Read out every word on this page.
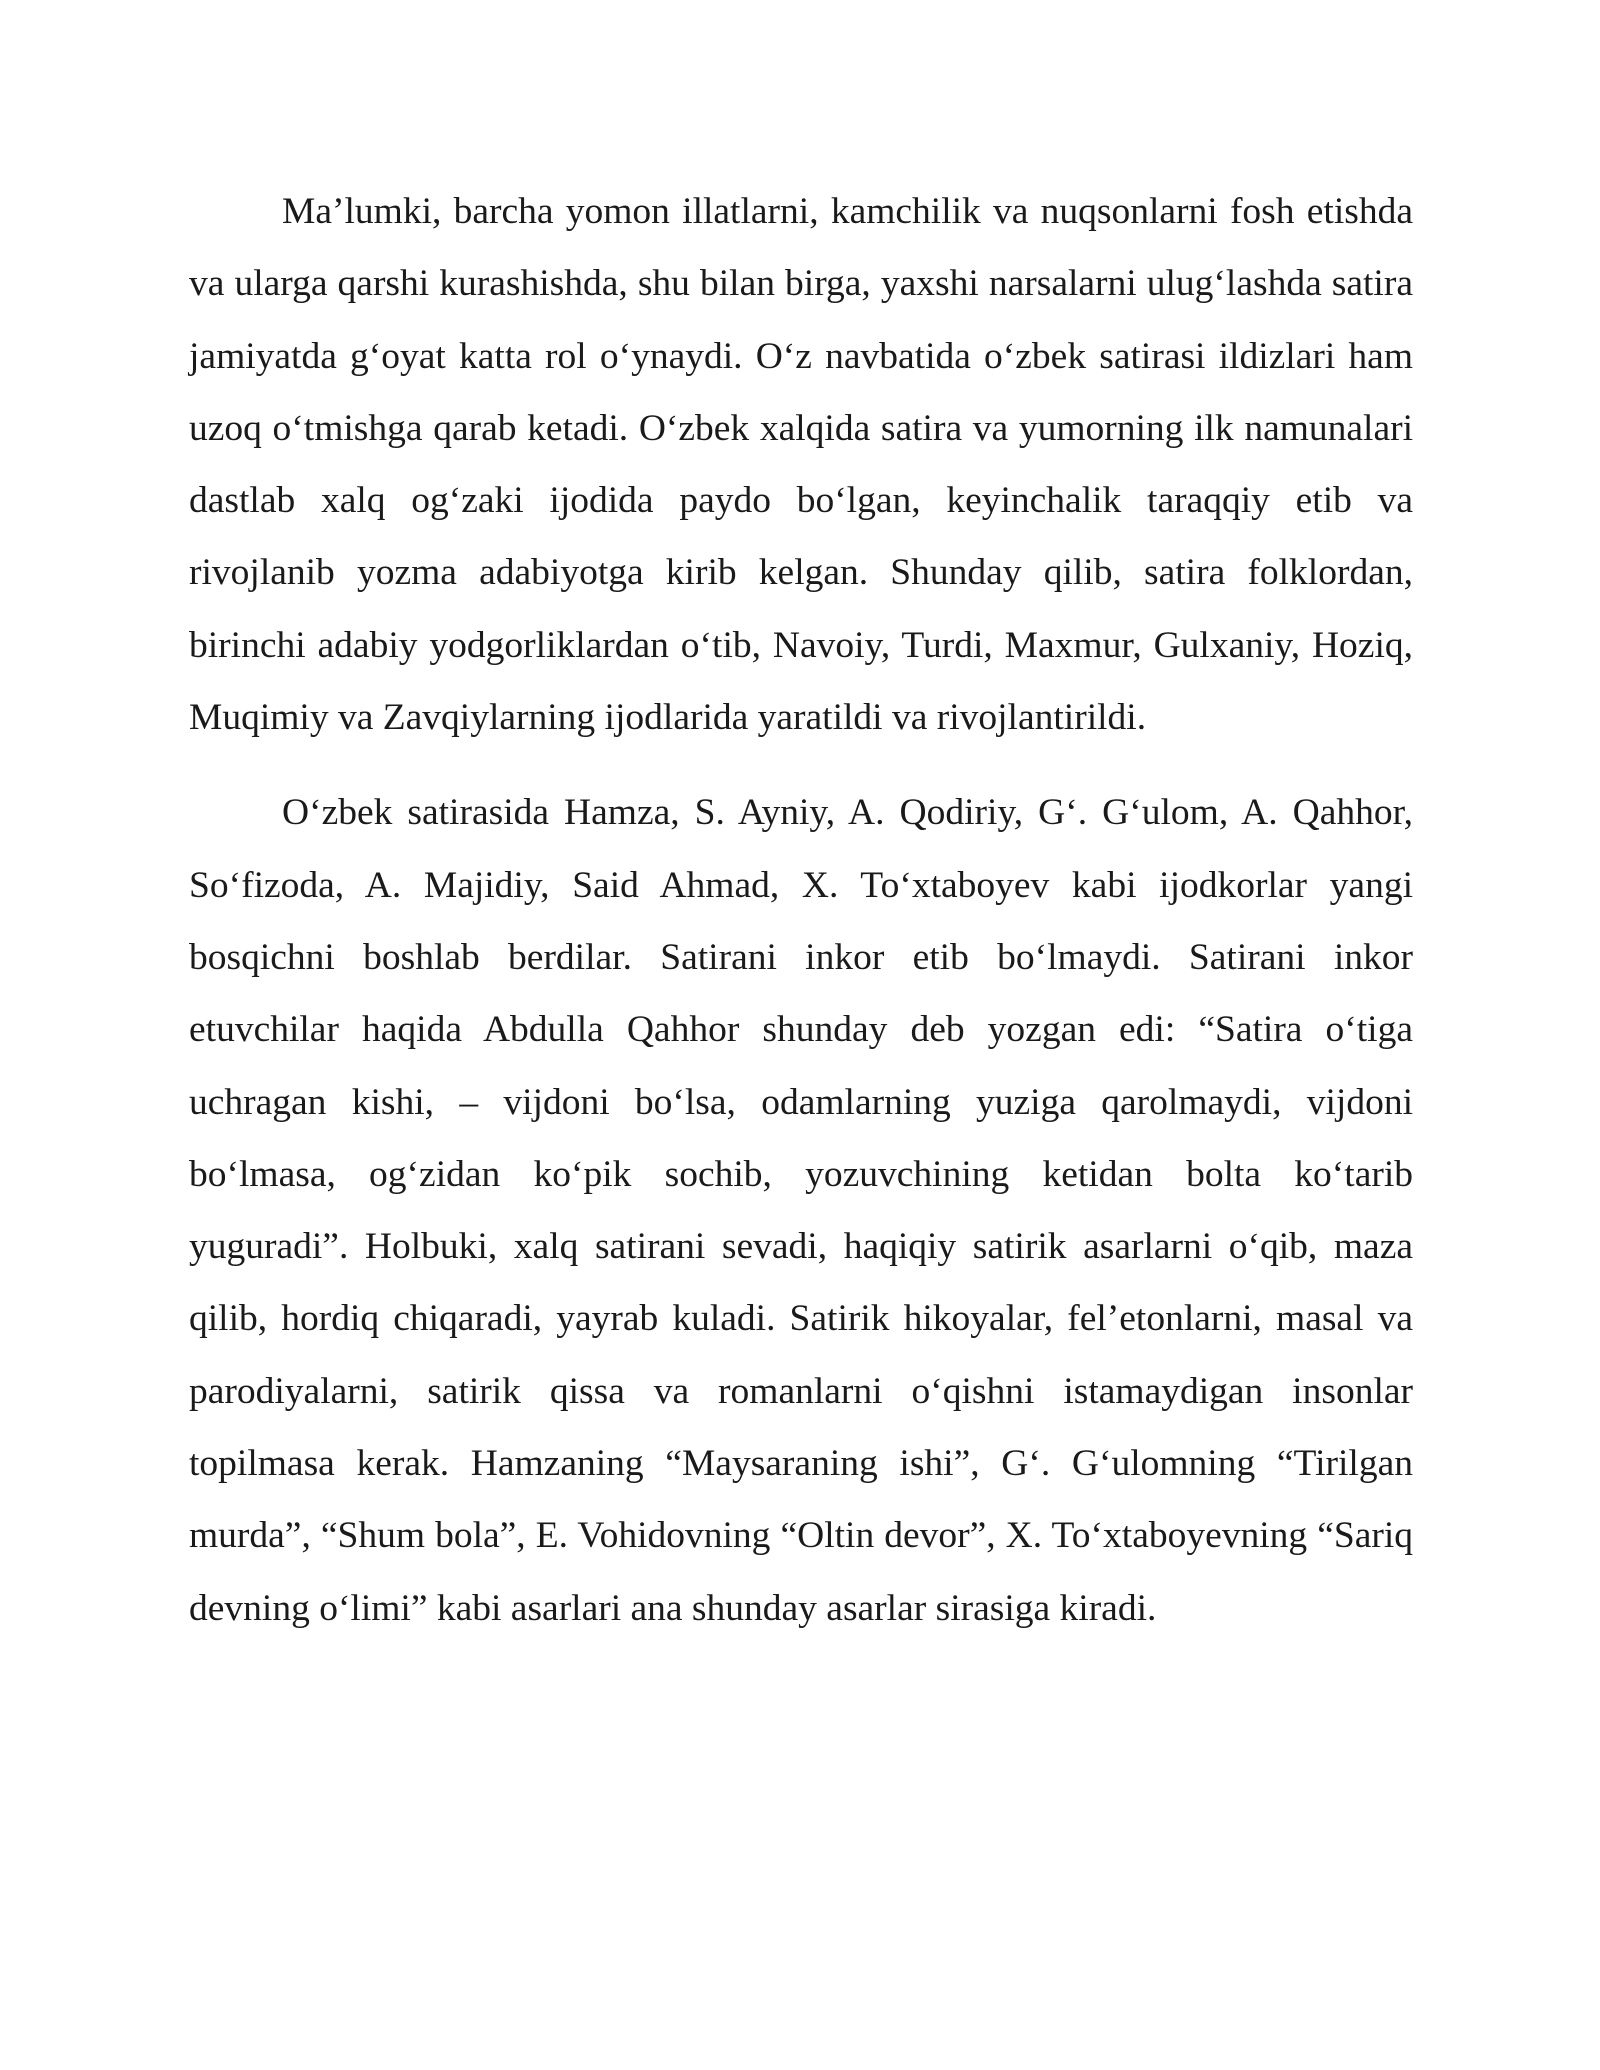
Ma’lumki, barcha yomon illatlarni, kamchilik va nuqsonlarni fosh etishda va ularga qarshi kurashishda, shu bilan birga, yaxshi narsalarni ulug‘lashda satira jamiyatda g‘oyat katta rol o‘ynaydi. O‘z navbatida o‘zbek satirasi ildizlari ham uzoq o‘tmishga qarab ketadi. O‘zbek xalqida satira va yumorning ilk namunalari dastlab xalq og‘zaki ijodida paydo bo‘lgan, keyinchalik taraqqiy etib va rivojlanib yozma adabiyotga kirib kelgan. Shunday qilib, satira folklordan, birinchi adabiy yodgorliklardan o‘tib, Navoiy, Turdi, Maxmur, Gulxaniy, Hoziq, Muqimiy va Zavqiylarning ijodlarida yaratildi va rivojlantirildi.

O‘zbek satirasida Hamza, S. Ayniy, A. Qodiriy, G‘. G‘ulom, A. Qahhor, So‘fizoda, A. Majidiy, Said Ahmad, X. To‘xtaboyev kabi ijodkorlar yangi bosqichni boshlab berdilar. Satirani inkor etib bo‘lmaydi. Satirani inkor etuvchilar haqida Abdulla Qahhor shunday deb yozgan edi: “Satira o‘tiga uchragan kishi, – vijdoni bo‘lsa, odamlarning yuziga qarolmaydi, vijdoni bo‘lmasa, og‘zidan ko‘pik sochib, yozuvchining ketidan bolta ko‘tarib yuguradi”. Holbuki, xalq satirani sevadi, haqiqiy satirik asarlarni o‘qib, maza qilib, hordiq chiqaradi, yayrab kuladi. Satirik hikoyalar, fel’etonlarni, masal va parodiyalarni, satirik qissa va romanlarni o‘qishni istamaydigan insonlar topilmasa kerak. Hamzaning “Maysaraning ishi”, G‘. G‘ulomning “Tirilgan murda”, “Shum bola”, E. Vohidovning “Oltin devor”, X. To‘xtaboyevning “Sariq devning o‘limi” kabi asarlari ana shunday asarlar sirasiga kiradi.
